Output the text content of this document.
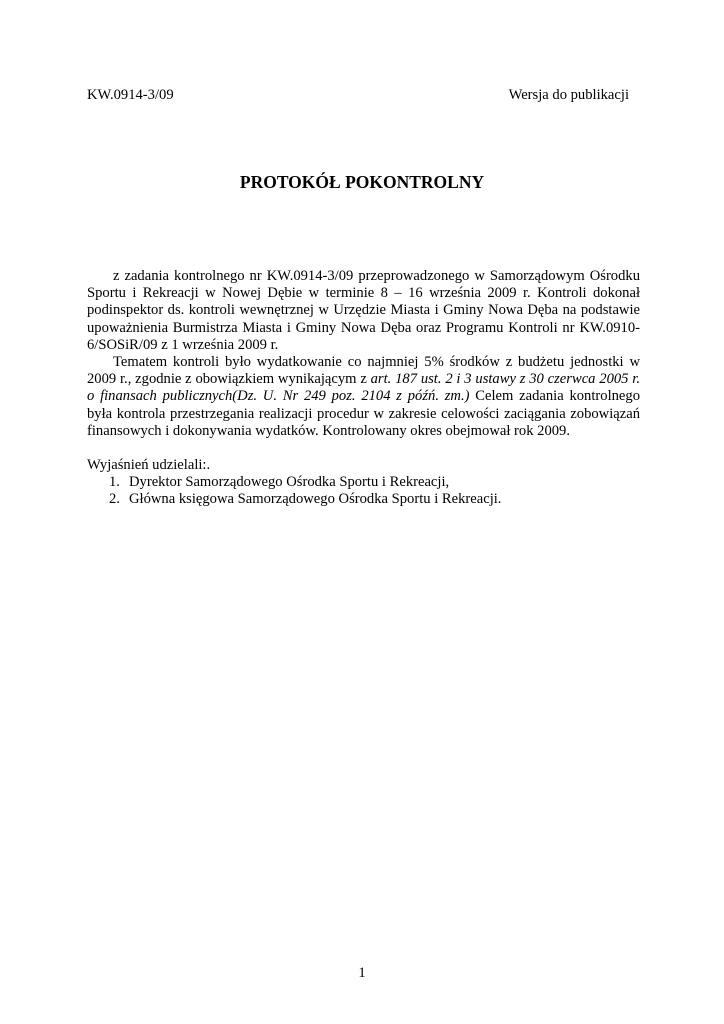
KW.0914-3/09	Wersja do publikacji
PROTOKÓŁ POKONTROLNY

z zadania kontrolnego nr KW.0914-3/09 przeprowadzonego w Samorządowym Ośrodku Sportu i Rekreacji w Nowej Dębie w terminie 8 – 16 września 2009 r. Kontroli dokonał podinspektor ds. kontroli wewnętrznej w Urzędzie Miasta i Gminy Nowa Dęba na podstawie upoważnienia Burmistrza Miasta i Gminy Nowa Dęba oraz Programu Kontroli nr KW.0910-6/SOSiR/09 z 1 września 2009 r.

Tematem kontroli było wydatkowanie co najmniej 5% środków z budżetu jednostki w 2009 r., zgodnie z obowiązkiem wynikającym z art. 187 ust. 2 i 3 ustawy z 30 czerwca 2005 r. o finansach publicznych(Dz. U. Nr 249 poz. 2104 z późń. zm.) Celem zadania kontrolnego była kontrola przestrzegania realizacji procedur w zakresie celowości zaciągania zobowiązań finansowych i dokonywania wydatków. Kontrolowany okres obejmował rok 2009.

Wyjaśnień udzielali:.

1. Dyrektor Samorządowego Ośrodka Sportu i Rekreacji,
2. Główna księgowa Samorządowego Ośrodka Sportu i Rekreacji.
1
